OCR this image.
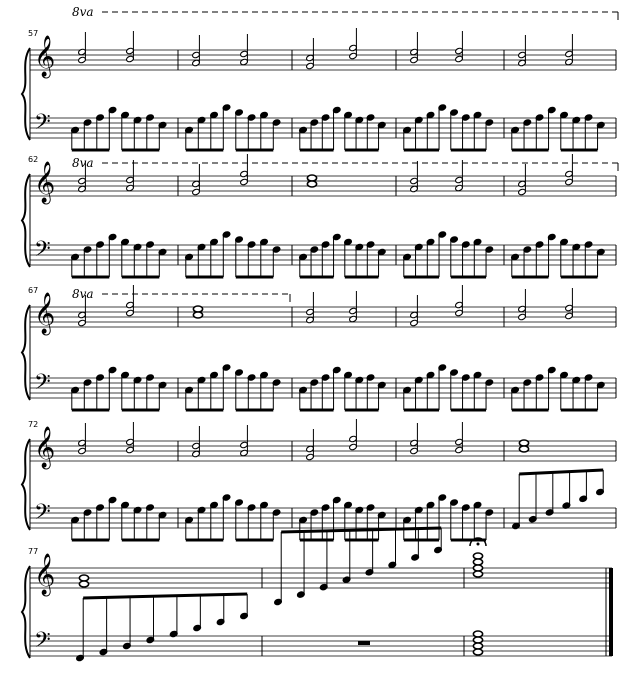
𝄞
𝄢
57
8va
𝄞
𝄢
62	8va
𝄞
𝄢
67	8va
𝄞
𝄢
72
𝄞
𝄢
77
